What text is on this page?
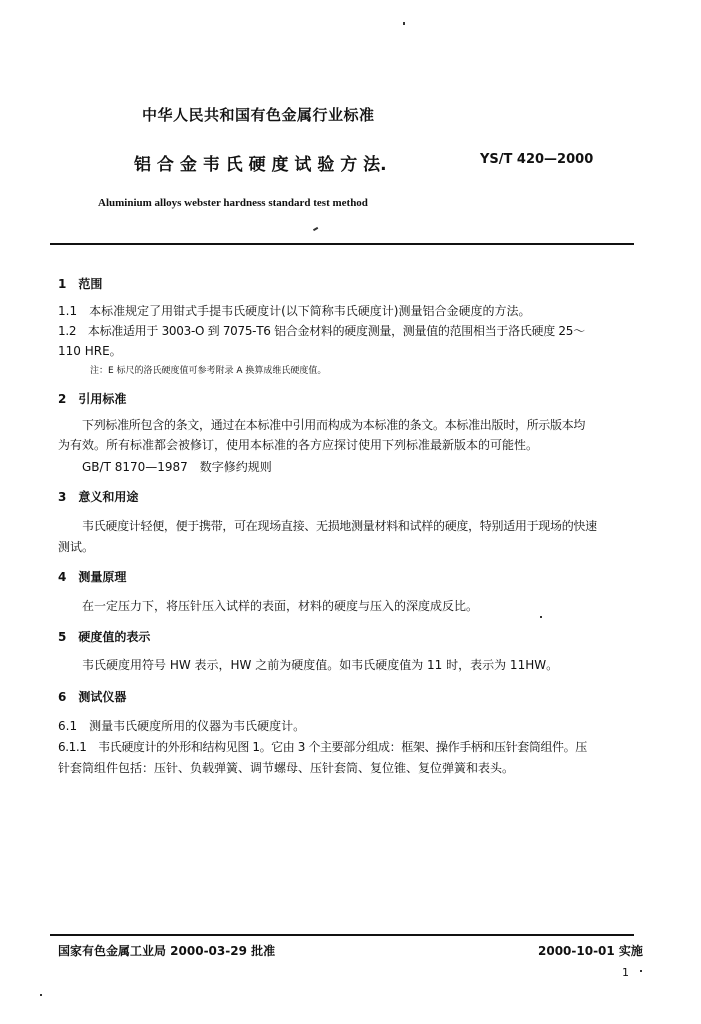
中华人民共和国有色金属行业标准
铝 合 金 韦 氏 硬 度 试 验 方 法.	YS/T 420—2000
Aluminium alloys webster hardness standard test method
1　范围
1.1　本标准规定了用钳式手提韦氏硬度计(以下简称韦氏硬度计)测量铝合金硬度的方法。
1.2　本标准适用于 3003-O 到 7075-T6 铝合金材料的硬度测量，测量值的范围相当于洛氏硬度 25～
110 HRE。
注：E 标尺的洛氏硬度值可参考附录 A 换算成维氏硬度值。
2　引用标准
下列标准所包含的条文，通过在本标准中引用而构成为本标准的条文。本标准出版时，所示版本均
为有效。所有标准都会被修订，使用本标准的各方应探讨使用下列标准最新版本的可能性。
GB/T 8170—1987　数字修约规则
3　意义和用途
韦氏硬度计轻便，便于携带，可在现场直接、无损地测量材料和试样的硬度，特别适用于现场的快速
测试。
4　测量原理
在一定压力下，将压针压入试样的表面，材料的硬度与压入的深度成反比。
5　硬度值的表示
韦氏硬度用符号 HW 表示，HW 之前为硬度值。如韦氏硬度值为 11 时，表示为 11HW。
6　测试仪器
6.1　测量韦氏硬度所用的仪器为韦氏硬度计。
6.1.1　韦氏硬度计的外形和结构见图 1。它由 3 个主要部分组成：框架、操作手柄和压针套筒组件。压
针套筒组件包括：压针、负载弹簧、调节螺母、压针套筒、复位锥、复位弹簧和表头。
国家有色金属工业局 2000-03-29 批准	2000-10-01 实施
1
